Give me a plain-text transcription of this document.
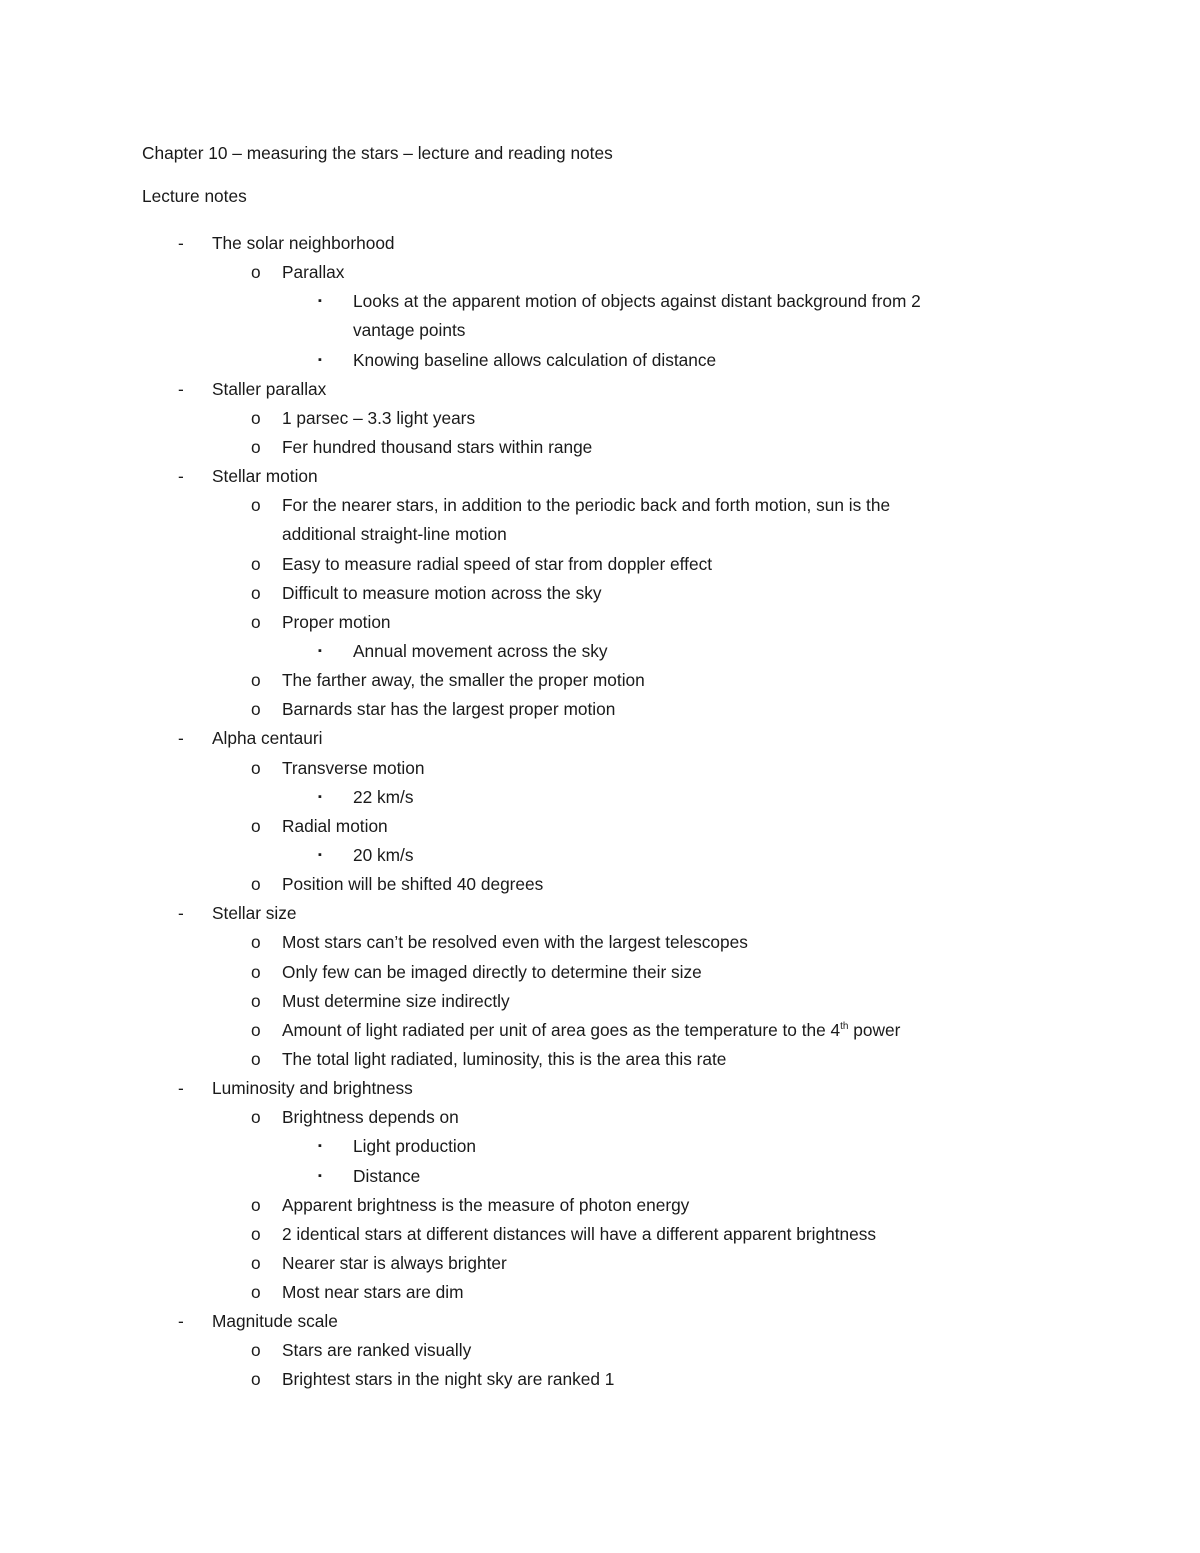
Chapter 10 – measuring the stars – lecture and reading notes
Lecture notes
- The solar neighborhood
o Parallax
▪ Looks at the apparent motion of objects against distant background from 2
vantage points
▪ Knowing baseline allows calculation of distance
- Staller parallax
o 1 parsec – 3.3 light years
o Fer hundred thousand stars within range
- Stellar motion
o For the nearer stars, in addition to the periodic back and forth motion, sun is the
additional straight-line motion
o Easy to measure radial speed of star from doppler effect
o Difficult to measure motion across the sky
o Proper motion
▪ Annual movement across the sky
o The farther away, the smaller the proper motion
o Barnards star has the largest proper motion
- Alpha centauri
o Transverse motion
▪ 22 km/s
o Radial motion
▪ 20 km/s
o Position will be shifted 40 degrees
- Stellar size
o Most stars can’t be resolved even with the largest telescopes
o Only few can be imaged directly to determine their size
o Must determine size indirectly
o Amount of light radiated per unit of area goes as the temperature to the 4th power
o The total light radiated, luminosity, this is the area this rate
- Luminosity and brightness
o Brightness depends on
▪ Light production
▪ Distance
o Apparent brightness is the measure of photon energy
o 2 identical stars at different distances will have a different apparent brightness
o Nearer star is always brighter
o Most near stars are dim
- Magnitude scale
o Stars are ranked visually
o Brightest stars in the night sky are ranked 1
